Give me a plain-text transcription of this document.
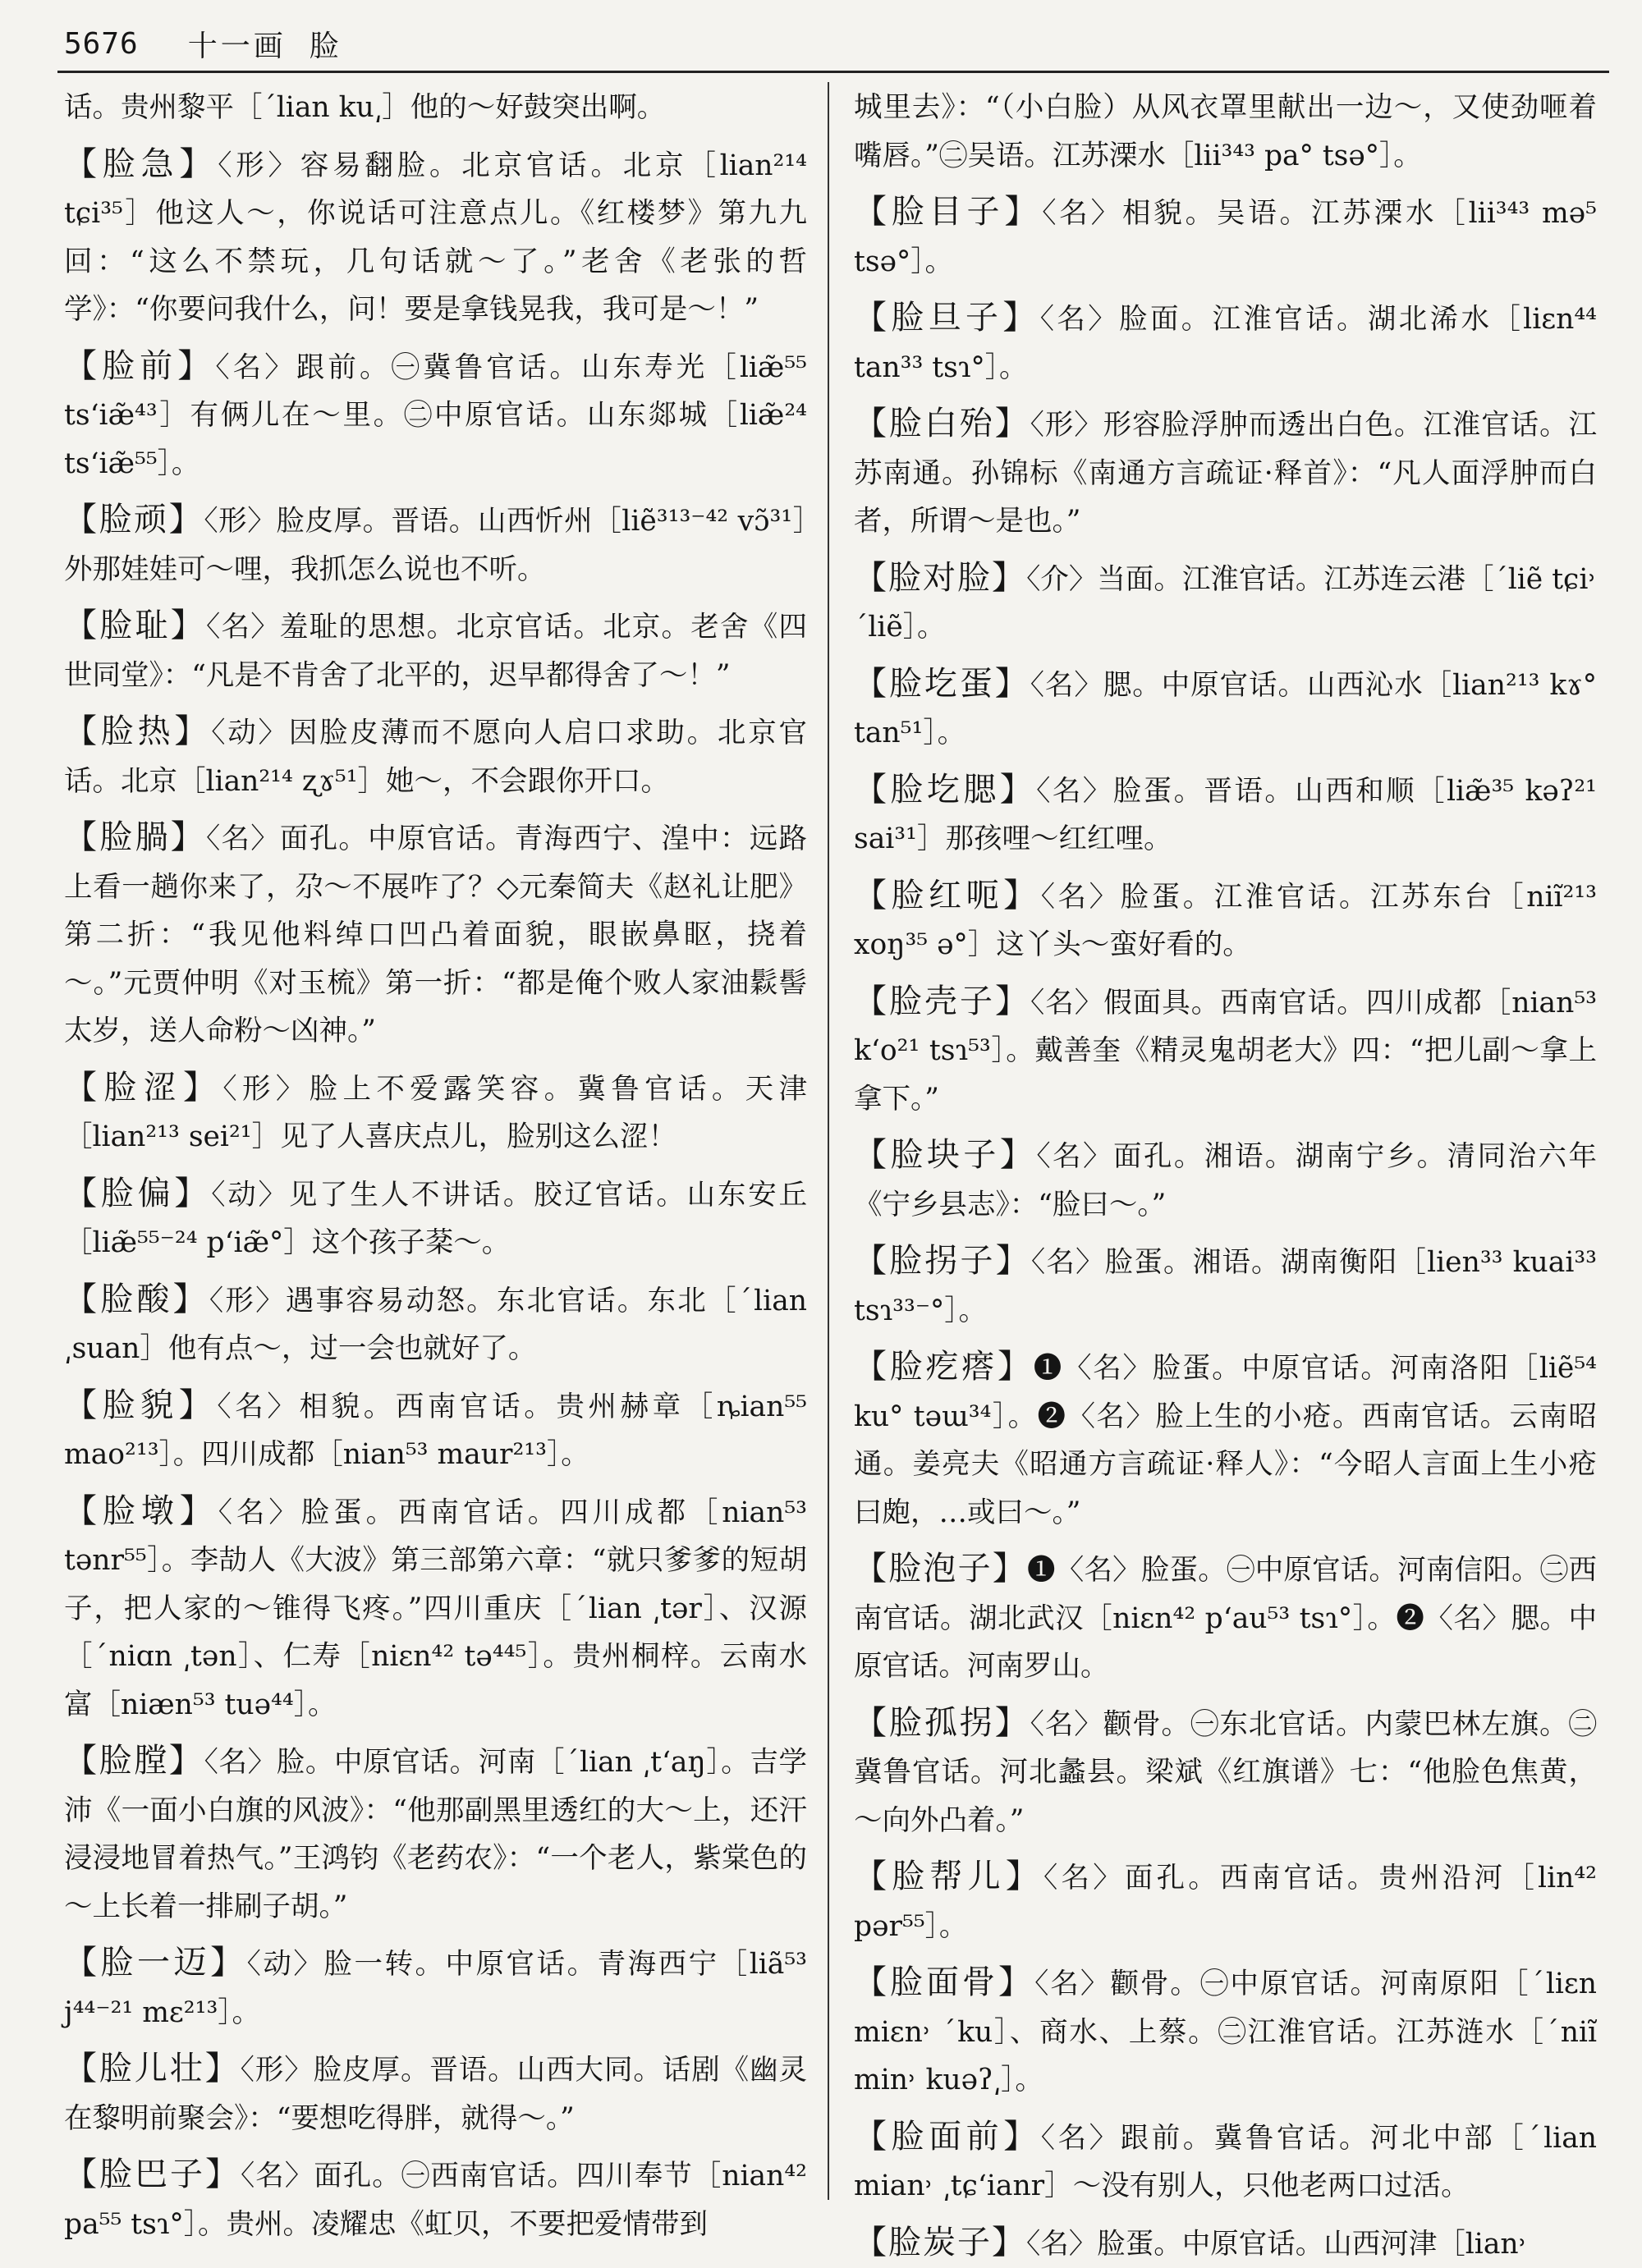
5676 十一画 脸

话。贵州黎平［ˊlian ku͵］他的～好鼓突出啊。

【脸急】〈形〉容易翻脸。北京官话。北京［lian²¹⁴ tɕi³⁵］他这人～，你说话可注意点儿。《红楼梦》第九九回：“这么不禁玩，几句话就～了。”老舍《老张的哲学》：“你要问我什么，问！要是拿钱晃我，我可是～！”

【脸前】〈名〉跟前。㊀冀鲁官话。山东寿光［liæ̃⁵⁵ ts‘iæ̃⁴³］有俩儿在～里。㊁中原官话。山东郯城［liæ̃²⁴ ts‘iæ̃⁵⁵］。

【脸顽】〈形〉脸皮厚。晋语。山西忻州［liẽ³¹³⁻⁴² vɔ̃³¹］外那娃娃可～哩，我抓怎么说也不听。

【脸耻】〈名〉羞耻的思想。北京官话。北京。老舍《四世同堂》：“凡是不肯舍了北平的，迟早都得舍了～！”

【脸热】〈动〉因脸皮薄而不愿向人启口求助。北京官话。北京［lian²¹⁴ ʐɤ⁵¹］她～，不会跟你开口。

【脸腡】〈名〉面孔。中原官话。青海西宁、湟中：远路上看一趟你来了，尕～不展咋了？◇元秦简夫《赵礼让肥》第二折：“我见他料绰口凹凸着面貌，眼嵌鼻眍，挠着～。”元贾仲明《对玉梳》第一折：“都是俺个败人家油鬏髻太岁，送人命粉～凶神。”

【脸涩】〈形〉脸上不爱露笑容。冀鲁官话。天津［lian²¹³ sei²¹］见了人喜庆点儿，脸别这么涩！

【脸偏】〈动〉见了生人不讲话。胶辽官话。山东安丘［liæ̃⁵⁵⁻²⁴ p‘iæ̃°］这个孩子棻～。

【脸酸】〈形〉遇事容易动怒。东北官话。东北［ˊlian ͵suan］他有点～，过一会也就好了。

【脸貌】〈名〉相貌。西南官话。贵州赫章［ȵian⁵⁵ mao²¹³］。四川成都［nian⁵³ maur²¹³］。

【脸墩】〈名〉脸蛋。西南官话。四川成都［nian⁵³ tənr⁵⁵］。李劼人《大波》第三部第六章：“就只爹爹的短胡子，把人家的～锥得飞疼。”四川重庆［ˊlian ͵tər］、汉源［ˊniɑn ͵tən］、仁寿［niɛn⁴² tə⁴⁴⁵］。贵州桐梓。云南水富［niæn⁵³ tuə⁴⁴］。

【脸膛】〈名〉脸。中原官话。河南［ˊlian ͵t‘aŋ］。吉学沛《一面小白旗的风波》：“他那副黑里透红的大～上，还汗浸浸地冒着热气。”王鸿钧《老药农》：“一个老人，紫棠色的～上长着一排刷子胡。”

【脸一迈】〈动〉脸一转。中原官话。青海西宁［liã⁵³ j⁴⁴⁻²¹ mɛ²¹³］。

【脸儿壮】〈形〉脸皮厚。晋语。山西大同。话剧《幽灵在黎明前聚会》：“要想吃得胖，就得～。”

【脸巴子】〈名〉面孔。㊀西南官话。四川奉节［nian⁴² pa⁵⁵ tsɿ°］。贵州。凌耀忠《虹贝，不要把爱情带到

城里去》：“（小白脸）从风衣罩里献出一边～，又使劲咂着嘴唇。”㊁吴语。江苏溧水［lii³⁴³ pa° tsə°］。

【脸目子】〈名〉相貌。吴语。江苏溧水［lii³⁴³ mə⁵ tsə°］。

【脸旦子】〈名〉脸面。江淮官话。湖北浠水［liɛn⁴⁴ tan³³ tsɿ°］。

【脸白殆】〈形〉形容脸浮肿而透出白色。江淮官话。江苏南通。孙锦标《南通方言疏证·释首》：“凡人面浮肿而白者，所谓～是也。”

【脸对脸】〈介〉当面。江淮官话。江苏连云港［ˊliẽ tɕi˒ ˊliẽ］。

【脸圪蛋】〈名〉腮。中原官话。山西沁水［lian²¹³ kɤ° tan⁵¹］。

【脸圪腮】〈名〉脸蛋。晋语。山西和顺［liæ̃³⁵ kəʔ²¹ sai³¹］那孩哩～红红哩。

【脸红呃】〈名〉脸蛋。江淮官话。江苏东台［niĩ²¹³ xoŋ³⁵ ə°］这丫头～蛮好看的。

【脸壳子】〈名〉假面具。西南官话。四川成都［nian⁵³ k‘o²¹ tsɿ⁵³］。戴善奎《精灵鬼胡老大》四：“把儿副～拿上拿下。”

【脸块子】〈名〉面孔。湘语。湖南宁乡。清同治六年《宁乡县志》：“脸曰～。”

【脸拐子】〈名〉脸蛋。湘语。湖南衡阳［lien³³ kuai³³ tsɿ³³⁻°］。

【脸疙瘩】❶〈名〉脸蛋。中原官话。河南洛阳［liẽ⁵⁴ ku° təɯ³⁴］。❷〈名〉脸上生的小疮。西南官话。云南昭通。姜亮夫《昭通方言疏证·释人》：“今昭人言面上生小疮曰皰，…或曰～。”

【脸泡子】❶〈名〉脸蛋。㊀中原官话。河南信阳。㊁西南官话。湖北武汉［niɛn⁴² p‘au⁵³ tsɿ°］。❷〈名〉腮。中原官话。河南罗山。

【脸孤拐】〈名〉颧骨。㊀东北官话。内蒙巴林左旗。㊁冀鲁官话。河北蠡县。梁斌《红旗谱》七：“他脸色焦黄，～向外凸着。”

【脸帮儿】〈名〉面孔。西南官话。贵州沿河［lin⁴² pər⁵⁵］。

【脸面骨】〈名〉颧骨。㊀中原官话。河南原阳［ˊliɛn miɛn˒ ˊku］、商水、上蔡。㊁江淮官话。江苏涟水［ˊniĩ min˒ kuəʔ͵］。

【脸面前】〈名〉跟前。冀鲁官话。河北中部［ˊlian mian˒ ͵tɕ‘ianr］～没有别人，只他老两口过活。

【脸炭子】〈名〉脸蛋。中原官话。山西河津［lian˒
